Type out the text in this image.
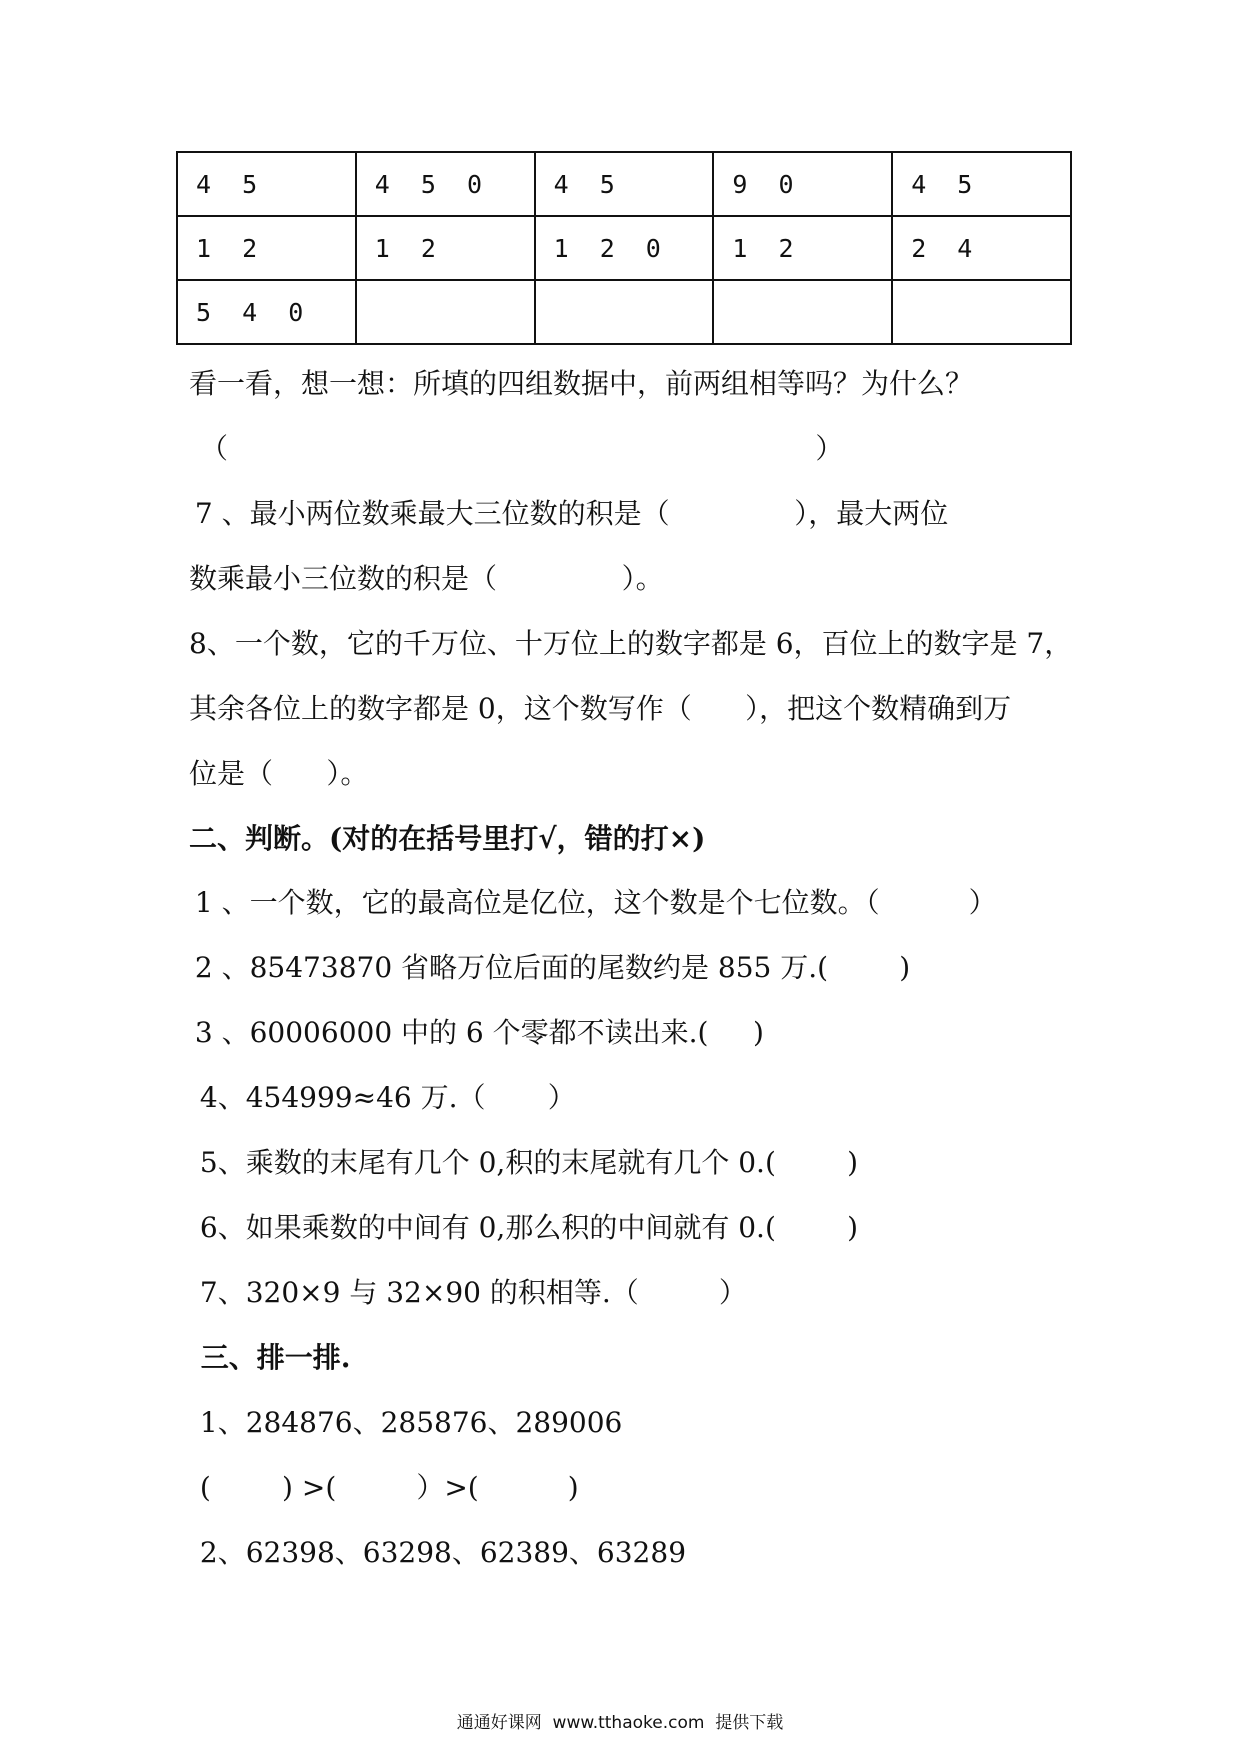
4 5	4 5 0	4 5	9 0	4 5
1 2	1 2	1 2 0	1 2	2 4
5 4 0				
看一看，想一想：所填的四组数据中，前两组相等吗？为什么？
（                                                                  ）
7 、最小两位数乘最大三位数的积是（              ），最大两位
数乘最小三位数的积是（              ）。
8、一个数，它的千万位、十万位上的数字都是 6，百位上的数字是 7，
其余各位上的数字都是 0，这个数写作（      ），把这个数精确到万
位是（      ）。
二、判断。(对的在括号里打√，错的打×)
1 、一个数，它的最高位是亿位，这个数是个七位数。（          ）
2 、85473870 省略万位后面的尾数约是 855 万.(        )
3 、60006000 中的 6 个零都不读出来.(     )
4、454999≈46 万.（       ）
5、乘数的末尾有几个 0,积的末尾就有几个 0.(        )
6、如果乘数的中间有 0,那么积的中间就有 0.(        )
7、320×9 与 32×90 的积相等.（         ）
三、排一排.
1、284876、285876、289006
(        ) >(         ）>(          )
2、62398、63298、62389、63289
通通好课网  www.tthaoke.com  提供下载
